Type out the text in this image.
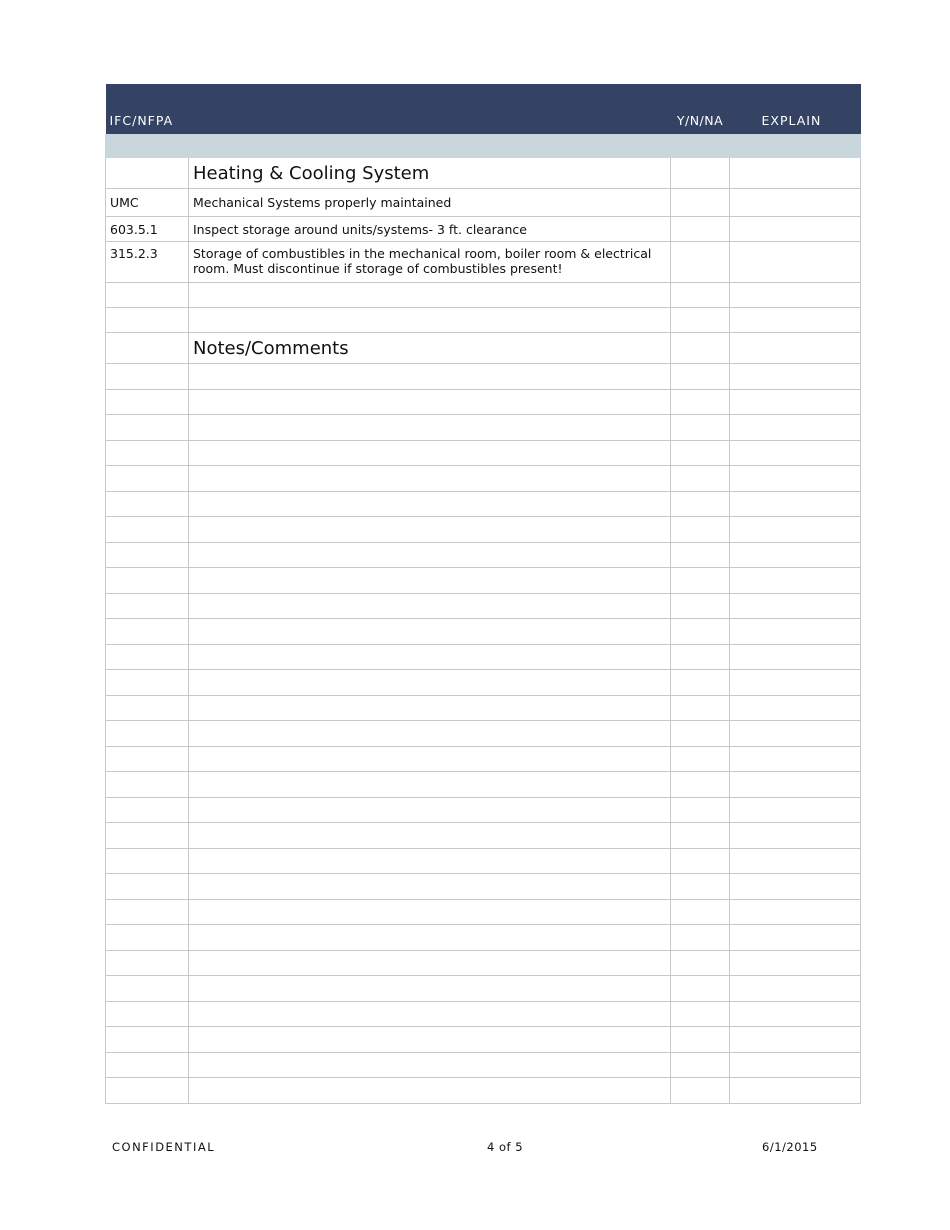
IFC/NFPA		Y/N/NA	EXPLAIN

	Heating & Cooling System		
UMC	Mechanical Systems properly maintained		
603.5.1	Inspect storage around units/systems- 3 ft. clearance		
315.2.3	Storage of combustibles in the mechanical room, boiler room & electrical room. Must discontinue if storage of combustibles present!		

	Notes/Comments		

CONFIDENTIAL	4 of 5	6/1/2015
